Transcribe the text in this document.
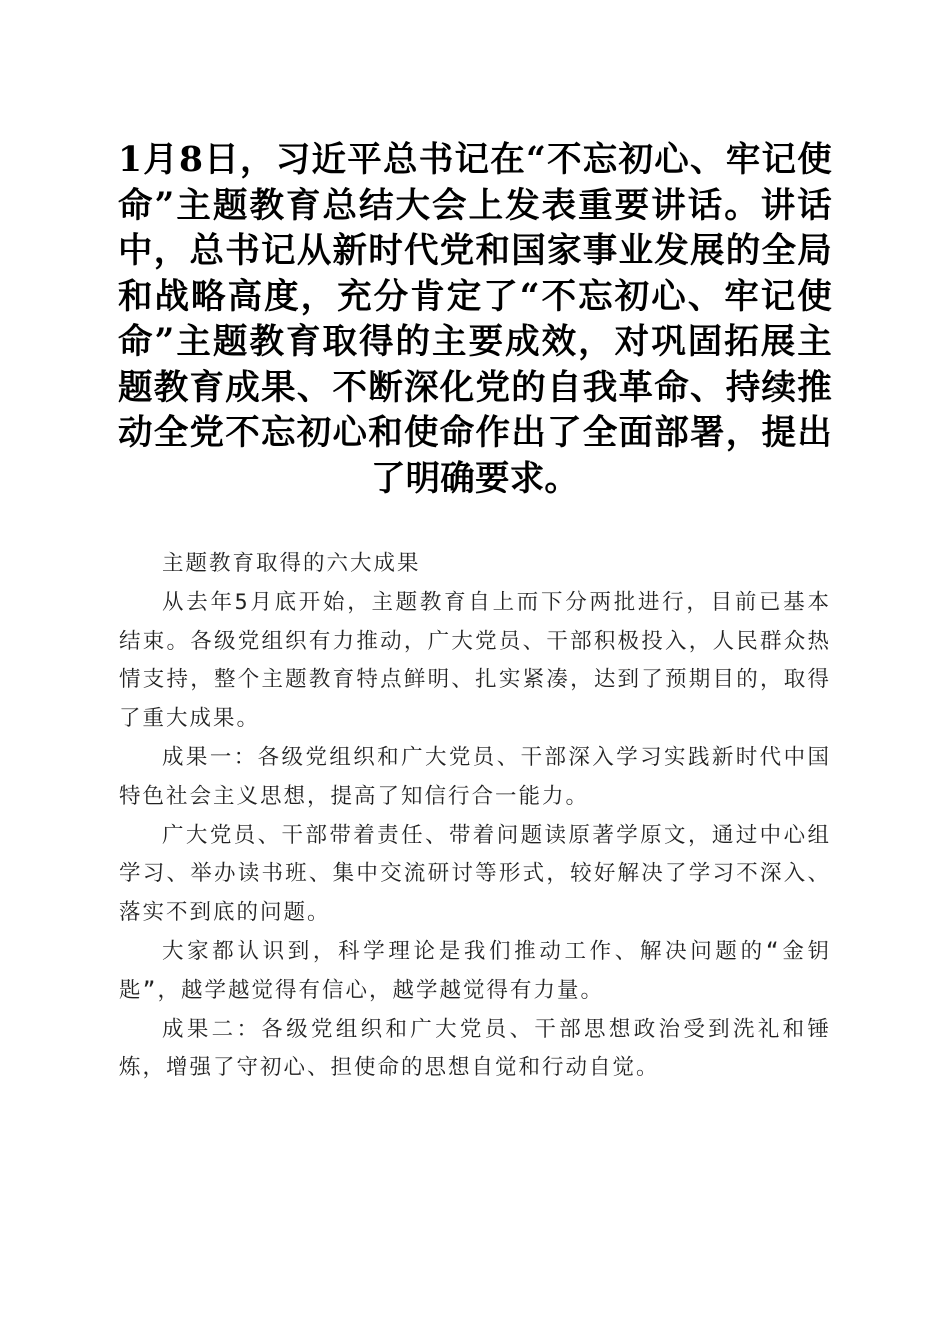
1月8日，习近平总书记在“不忘初心、牢记使命”主题教育总结大会上发表重要讲话。讲话中，总书记从新时代党和国家事业发展的全局和战略高度，充分肯定了“不忘初心、牢记使命”主题教育取得的主要成效，对巩固拓展主题教育成果、不断深化党的自我革命、持续推动全党不忘初心和使命作出了全面部署，提出了明确要求。

主题教育取得的六大成果

从去年5月底开始，主题教育自上而下分两批进行，目前已基本结束。各级党组织有力推动，广大党员、干部积极投入，人民群众热情支持，整个主题教育特点鲜明、扎实紧凑，达到了预期目的，取得了重大成果。

成果一：各级党组织和广大党员、干部深入学习实践新时代中国特色社会主义思想，提高了知信行合一能力。

广大党员、干部带着责任、带着问题读原著学原文，通过中心组学习、举办读书班、集中交流研讨等形式，较好解决了学习不深入、落实不到底的问题。

大家都认识到，科学理论是我们推动工作、解决问题的“金钥匙”，越学越觉得有信心，越学越觉得有力量。

成果二：各级党组织和广大党员、干部思想政治受到洗礼和锤炼，增强了守初心、担使命的思想自觉和行动自觉。
